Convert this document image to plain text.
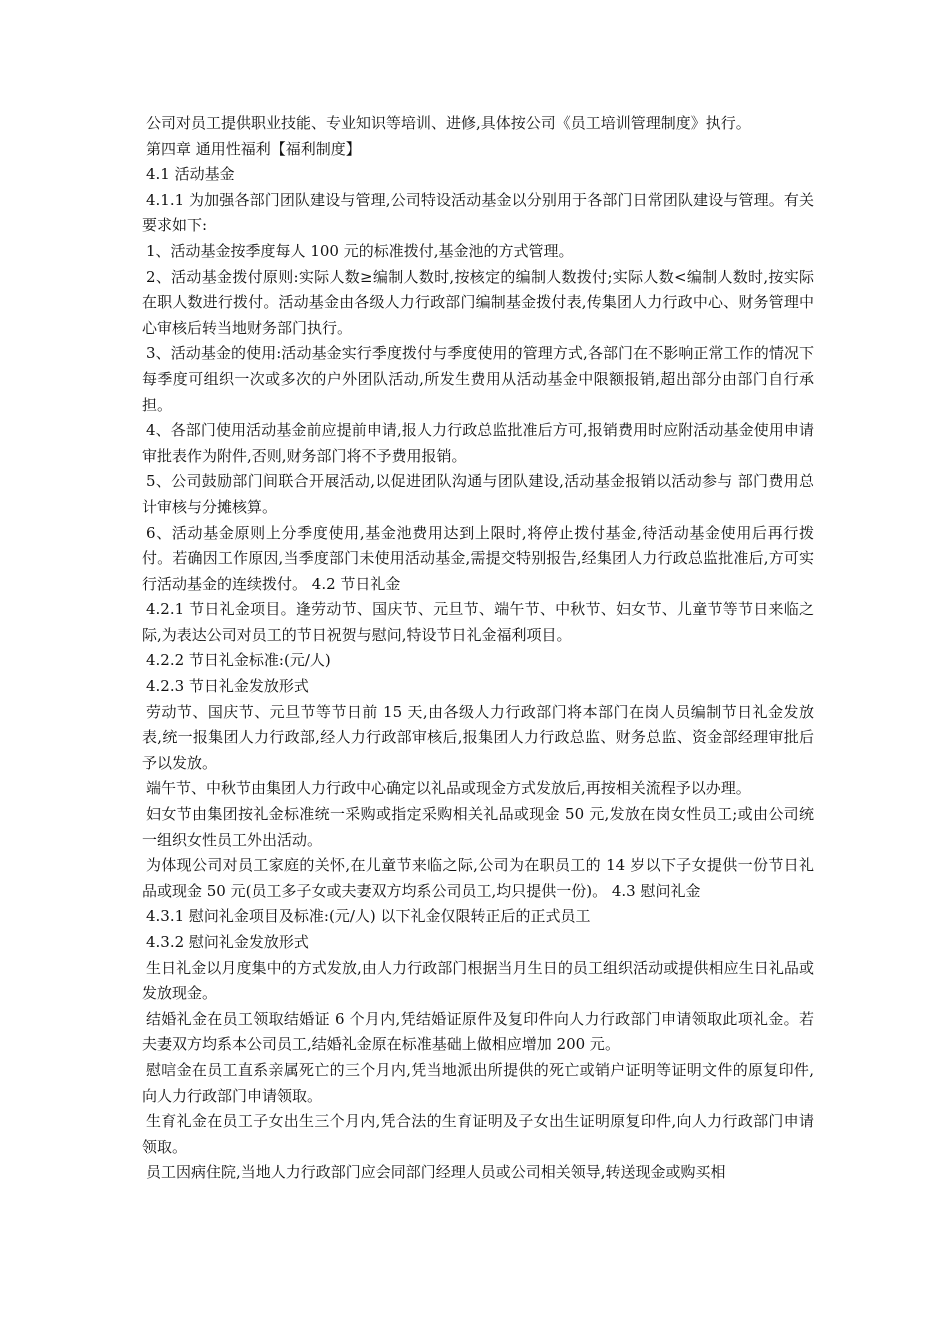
公司对员工提供职业技能、专业知识等培训、进修,具体按公司《员工培训管理制度》执行。

第四章 通用性福利【福利制度】

4.1 活动基金

4.1.1 为加强各部门团队建设与管理,公司特设活动基金以分别用于各部门日常团队建设与管理。有关要求如下:

1、活动基金按季度每人 100 元的标准拨付,基金池的方式管理。

2、活动基金拨付原则:实际人数≥编制人数时,按核定的编制人数拨付;实际人数<编制人数时,按实际在职人数进行拨付。活动基金由各级人力行政部门编制基金拨付表,传集团人力行政中心、财务管理中心审核后转当地财务部门执行。

3、活动基金的使用:活动基金实行季度拨付与季度使用的管理方式,各部门在不影响正常工作的情况下每季度可组织一次或多次的户外团队活动,所发生费用从活动基金中限额报销,超出部分由部门自行承担。

4、各部门使用活动基金前应提前申请,报人力行政总监批准后方可,报销费用时应附活动基金使用申请审批表作为附件,否则,财务部门将不予费用报销。

5、公司鼓励部门间联合开展活动,以促进团队沟通与团队建设,活动基金报销以活动参与 部门费用总计审核与分摊核算。

6、活动基金原则上分季度使用,基金池费用达到上限时,将停止拨付基金,待活动基金使用后再行拨付。若确因工作原因,当季度部门未使用活动基金,需提交特别报告,经集团人力行政总监批准后,方可实行活动基金的连续拨付。 4.2 节日礼金

4.2.1 节日礼金项目。逢劳动节、国庆节、元旦节、端午节、中秋节、妇女节、儿童节等节日来临之际,为表达公司对员工的节日祝贺与慰问,特设节日礼金福利项目。

4.2.2 节日礼金标准:(元/人)

4.2.3 节日礼金发放形式

劳动节、国庆节、元旦节等节日前 15 天,由各级人力行政部门将本部门在岗人员编制节日礼金发放表,统一报集团人力行政部,经人力行政部审核后,报集团人力行政总监、财务总监、资金部经理审批后予以发放。

端午节、中秋节由集团人力行政中心确定以礼品或现金方式发放后,再按相关流程予以办理。

妇女节由集团按礼金标准统一采购或指定采购相关礼品或现金 50 元,发放在岗女性员工;或由公司统一组织女性员工外出活动。

为体现公司对员工家庭的关怀,在儿童节来临之际,公司为在职员工的 14 岁以下子女提供一份节日礼品或现金 50 元(员工多子女或夫妻双方均系公司员工,均只提供一份)。 4.3 慰问礼金

4.3.1 慰问礼金项目及标准:(元/人) 以下礼金仅限转正后的正式员工

4.3.2 慰问礼金发放形式

生日礼金以月度集中的方式发放,由人力行政部门根据当月生日的员工组织活动或提供相应生日礼品或发放现金。

结婚礼金在员工领取结婚证 6 个月内,凭结婚证原件及复印件向人力行政部门申请领取此项礼金。若夫妻双方均系本公司员工,结婚礼金原在标准基础上做相应增加 200 元。

慰唁金在员工直系亲属死亡的三个月内,凭当地派出所提供的死亡或销户证明等证明文件的原复印件,向人力行政部门申请领取。

生育礼金在员工子女出生三个月内,凭合法的生育证明及子女出生证明原复印件,向人力行政部门申请领取。

员工因病住院,当地人力行政部门应会同部门经理人员或公司相关领导,转送现金或购买相
